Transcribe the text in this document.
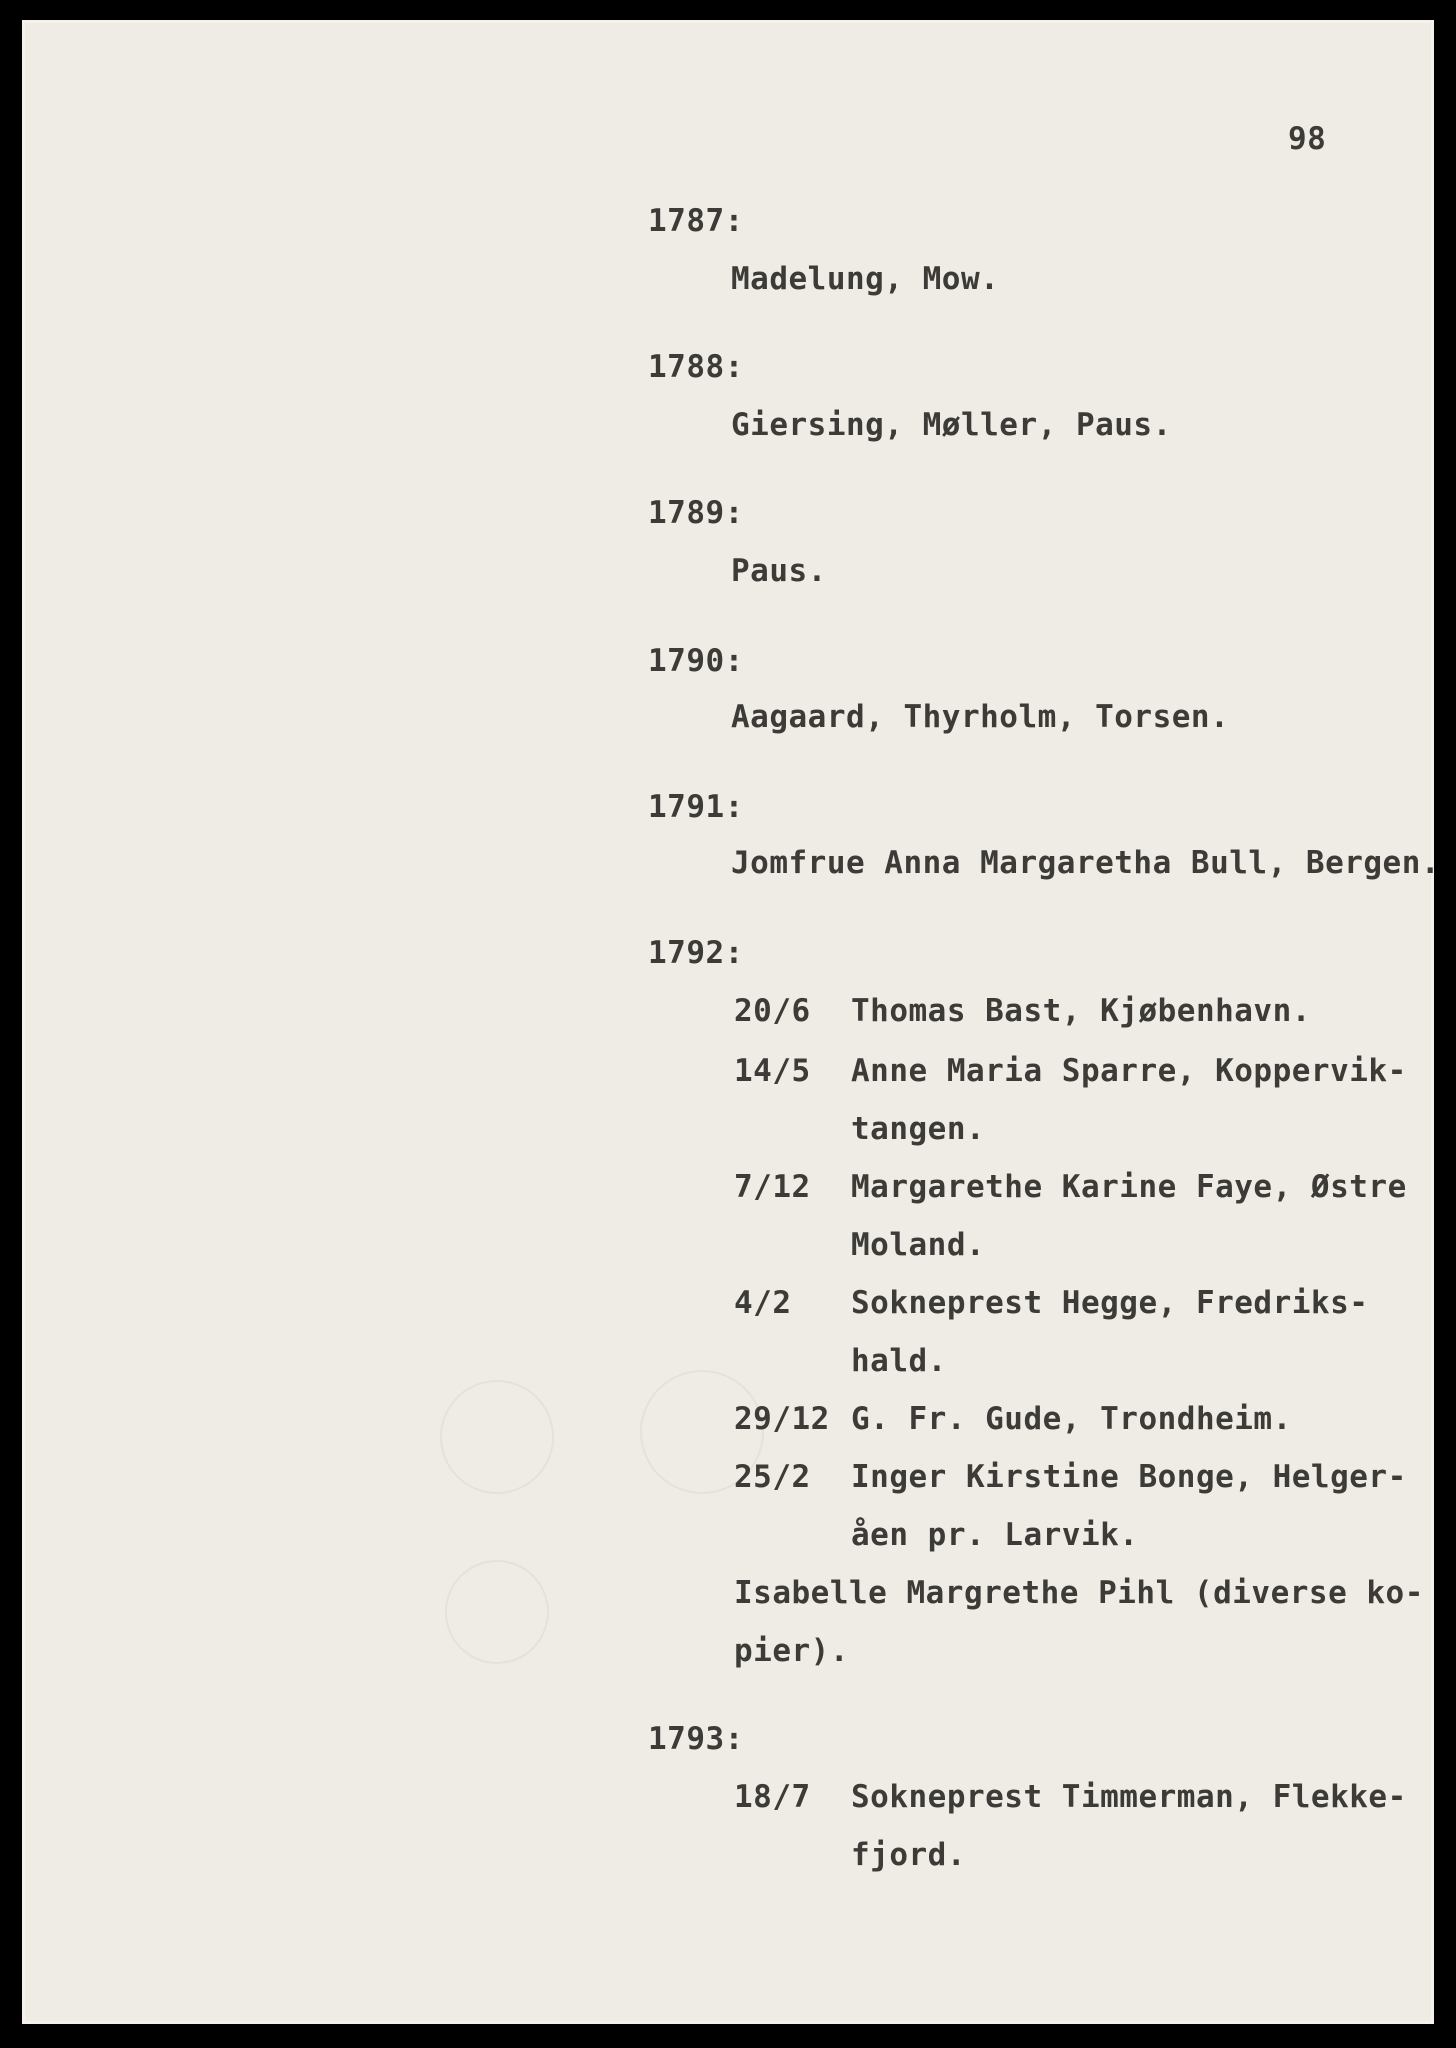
98
1787:
Madelung, Mow.
1788:
Giersing, Møller, Paus.
1789:
Paus.
1790:
Aagaard, Thyrholm, Torsen.
1791:
Jomfrue Anna Margaretha Bull, Bergen.
1792:
20/6 Thomas Bast, Kjøbenhavn.
14/5 Anne Maria Sparre, Koppervik-
tangen.
7/12 Margarethe Karine Faye, Østre
Moland.
4/2 Sokneprest Hegge, Fredriks-
hald.
29/12 G. Fr. Gude, Trondheim.
25/2 Inger Kirstine Bonge, Helger-
åen pr. Larvik.
Isabelle Margrethe Pihl (diverse ko-
pier).
1793:
18/7 Sokneprest Timmerman, Flekke-
fjord.
